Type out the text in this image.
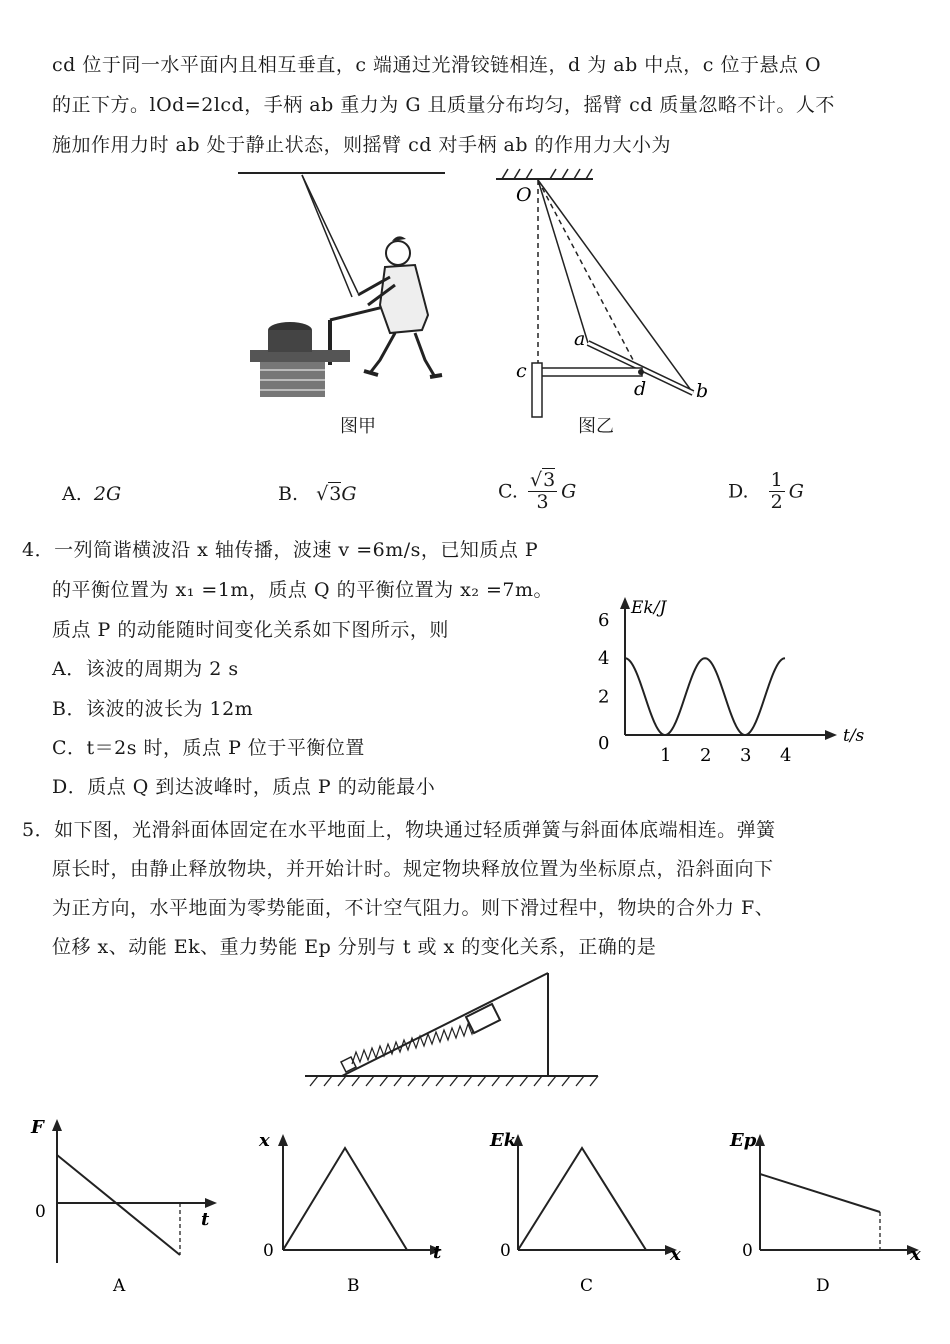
cd 位于同一水平面内且相互垂直，c 端通过光滑铰链相连，d 为 ab 中点，c 位于悬点 O
的正下方。lOd=2lcd，手柄 ab 重力为 G 且质量分布均匀，摇臂 cd 质量忽略不计。人不
施加作用力时 ab 处于静止状态，则摇臂 cd 对手柄 ab 的作用力大小为
图甲
O
a
b
c
d
图乙
A. 2G	B.   √3G	C. $\frac{√3}{3}$ G	D. $\frac{1}{2}$ G
4．一列简谐横波沿 x 轴传播，波速 v =6m/s，已知质点 P
的平衡位置为 x₁ =1m，质点 Q 的平衡位置为 x₂ =7m。
质点 P 的动能随时间变化关系如下图所示，则
A．该波的周期为 2 s
B．该波的波长为 12m
C．t＝2s 时，质点 P 位于平衡位置
D．质点 Q 到达波峰时，质点 P 的动能最小
1 2 3 4
0
2
4
6
Ek/J
t/s
5．如下图，光滑斜面体固定在水平地面上，物块通过轻质弹簧与斜面体底端相连。弹簧
原长时，由静止释放物块，并开始计时。规定物块释放位置为坐标原点，沿斜面向下
为正方向，水平地面为零势能面，不计空气阻力。则下滑过程中，物块的合外力 F、
位移 x、动能 Ek、重力势能 Ep 分别与 t 或 x 的变化关系，正确的是
F
t
0
A
x
t
0
B
Ek
x
0
C
Ep
x
0
D
